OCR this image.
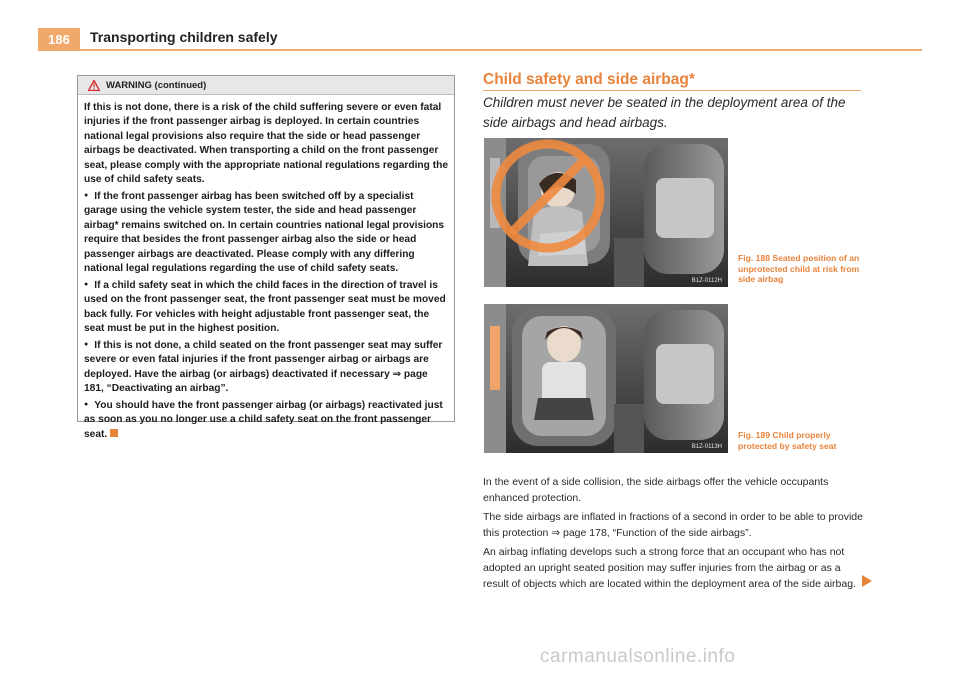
186	Transporting children safely
WARNING (continued)

If this is not done, there is a risk of the child suffering severe or even fatal injuries if the front passenger airbag is deployed. In certain countries national legal provisions also require that the side or head passenger airbags be deactivated. When transporting a child on the front passenger seat, please comply with the appropriate national regulations regarding the use of child safety seats.

● If the front passenger airbag has been switched off by a specialist garage using the vehicle system tester, the side and head passenger airbag* remains switched on. In certain countries national legal provisions require that besides the front passenger airbag also the side or head passenger airbags are deactivated. Please comply with any differing national legal regulations regarding the use of child safety seats.

● If a child safety seat in which the child faces in the direction of travel is used on the front passenger seat, the front passenger seat must be moved back fully. For vehicles with height adjustable front passenger seat, the seat must be put in the highest position.

● If this is not done, a child seated on the front passenger seat may suffer severe or even fatal injuries if the front passenger airbag or airbags are deployed. Have the airbag (or airbags) deactivated if necessary ⇒ page 181, “Deactivating an airbag”.

● You should have the front passenger airbag (or airbags) reactivated just as soon as you no longer use a child safety seat on the front passenger seat.

Child safety and side airbag*
Children must never be seated in the deployment area of the side airbags and head airbags.
B1Z-0112H
Fig. 188 Seated position of an unprotected child at risk from side airbag
B1Z-0113H
Fig. 189 Child properly protected by safety seat
In the event of a side collision, the side airbags offer the vehicle occupants enhanced protection.
The side airbags are inflated in fractions of a second in order to be able to provide this protection ⇒ page 178, “Function of the side airbags”.
An airbag inflating develops such a strong force that an occupant who has not adopted an upright seated position may suffer injuries from the airbag or as a result of objects which are located within the deployment area of the side airbag.
carmanualsonline.info
